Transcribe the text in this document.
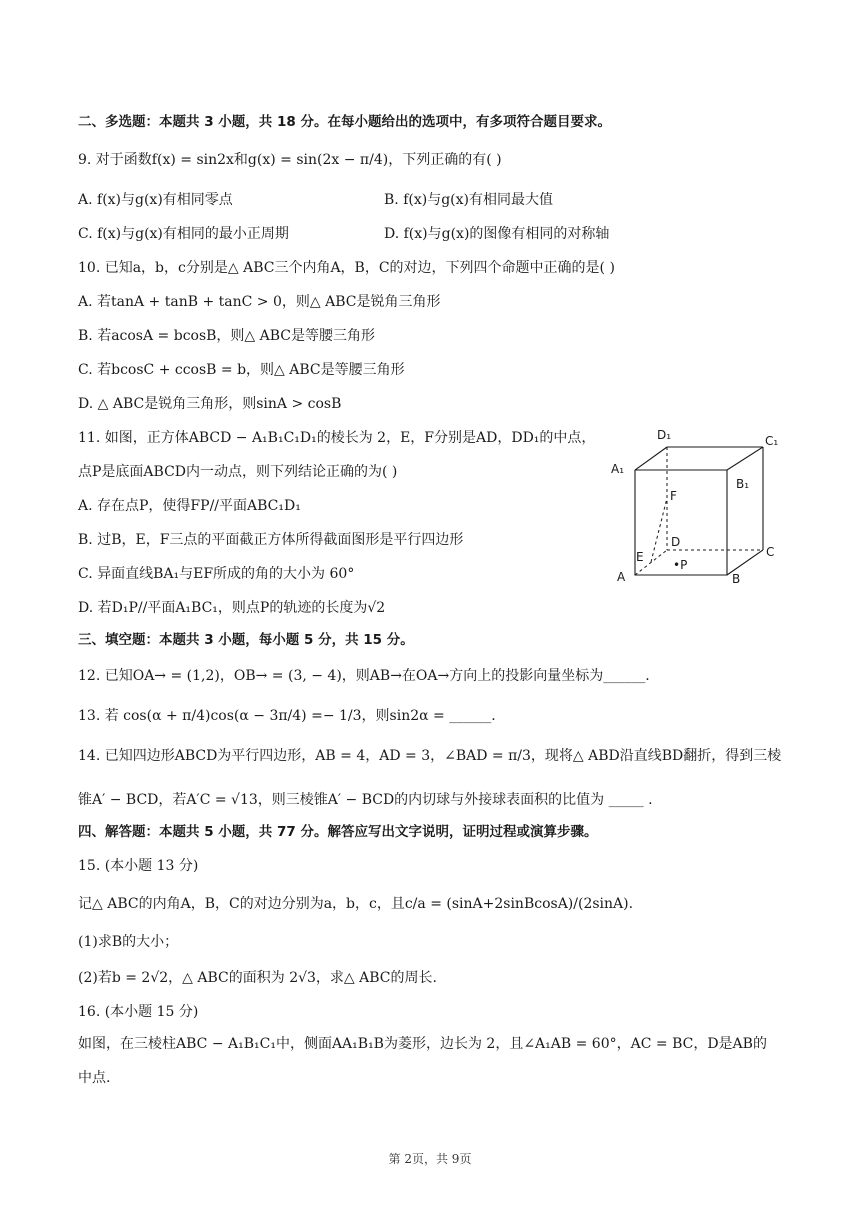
二、多选题：本题共 3 小题，共 18 分。在每小题给出的选项中，有多项符合题目要求。
9. 对于函数f(x) = sin2x和g(x) = sin(2x − π/4)，下列正确的有( )
A. f(x)与g(x)有相同零点	B. f(x)与g(x)有相同最大值
C. f(x)与g(x)有相同的最小正周期	D. f(x)与g(x)的图像有相同的对称轴
10. 已知a，b，c分别是△ ABC三个内角A，B，C的对边，下列四个命题中正确的是( )
A. 若tanA + tanB + tanC > 0，则△ ABC是锐角三角形
B. 若acosA = bcosB，则△ ABC是等腰三角形
C. 若bcosC + ccosB = b，则△ ABC是等腰三角形
D. △ ABC是锐角三角形，则sinA > cosB
11. 如图，正方体ABCD − A₁B₁C₁D₁的棱长为 2，E，F分别是AD，DD₁的中点，
点P是底面ABCD内一动点，则下列结论正确的为( )
A. 存在点P，使得FP//平面ABC₁D₁
B. 过B，E，F三点的平面截正方体所得截面图形是平行四边形
C. 异面直线BA₁与EF所成的角的大小为 60°
D. 若D₁P//平面A₁BC₁，则点P的轨迹的长度为√2
D₁	C₁
A₁
B₁
F
D
C
E
•P
A	B
三、填空题：本题共 3 小题，每小题 5 分，共 15 分。
12. 已知OA→ = (1,2)，OB→ = (3, − 4)，则AB→在OA→方向上的投影向量坐标为______.
13. 若 cos(α + π/4)cos(α − 3π/4) =− 1/3，则sin2α = ______.
14. 已知四边形ABCD为平行四边形，AB = 4，AD = 3，∠BAD = π/3，现将△ ABD沿直线BD翻折，得到三棱
锥A′ − BCD，若A′C = √13，则三棱锥A′ − BCD的内切球与外接球表面积的比值为 _____ .
四、解答题：本题共 5 小题，共 77 分。解答应写出文字说明，证明过程或演算步骤。
15. (本小题 13 分)
记△ ABC的内角A，B，C的对边分别为a，b，c，且c/a = (sinA+2sinBcosA)/(2sinA).
(1)求B的大小；
(2)若b = 2√2，△ ABC的面积为 2√3，求△ ABC的周长.
16. (本小题 15 分)
如图，在三棱柱ABC − A₁B₁C₁中，侧面AA₁B₁B为菱形，边长为 2，且∠A₁AB = 60°，AC = BC，D是AB的
中点.
第 2页，共 9页
